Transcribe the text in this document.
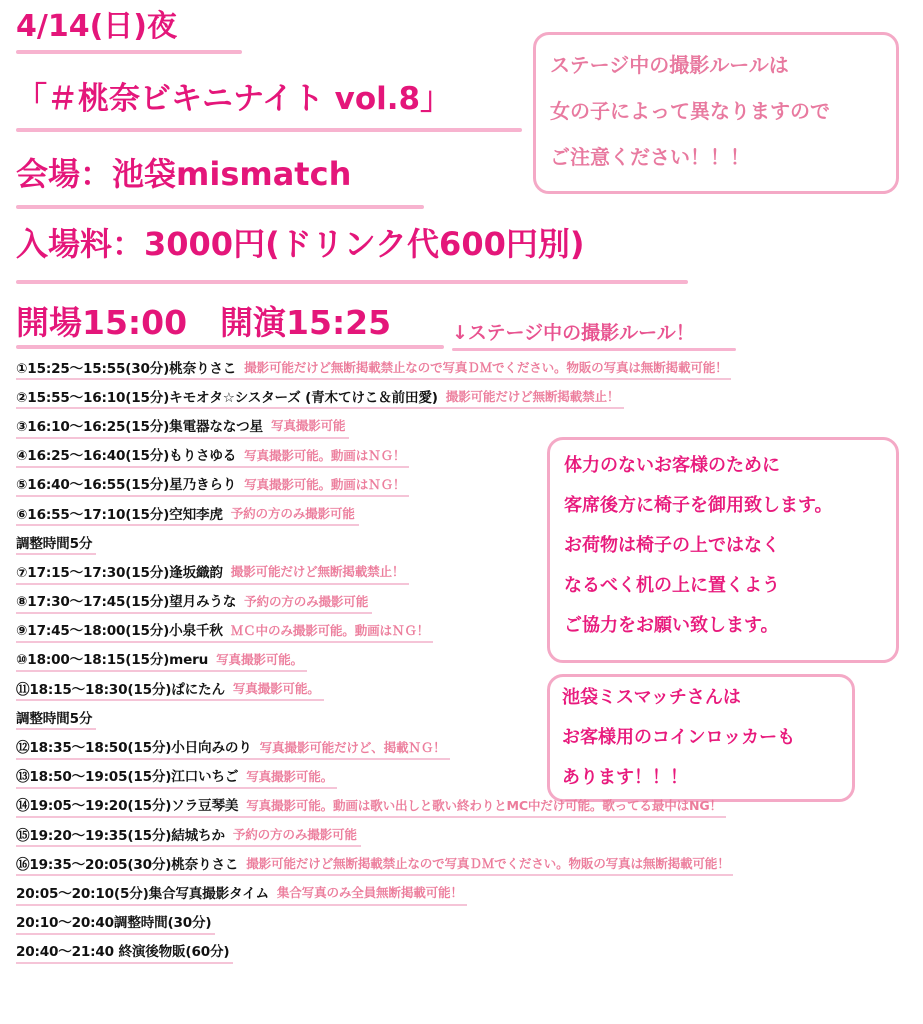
4/14(日)夜
「＃桃奈ビキニナイト vol.8」
会場：池袋mismatch
入場料：3000円(ドリンク代600円別)
開場15:00　開演15:25	↓ステージ中の撮影ルール！
ステージ中の撮影ルールは
女の子によって異なりますので
ご注意ください！！！
体力のないお客様のために
客席後方に椅子を御用致します。
お荷物は椅子の上ではなく
なるべく机の上に置くよう
ご協力をお願い致します。
池袋ミスマッチさんは
お客様用のコインロッカーも
あります！！！
①15:25〜15:55(30分)桃奈りさこ 撮影可能だけど無断掲載禁止なので写真ＤＭでください。物販の写真は無断掲載可能！
②15:55〜16:10(15分)キモオタ☆シスターズ (青木てけこ＆前田愛) 撮影可能だけど無断掲載禁止！
③16:10〜16:25(15分)集電器ななつ星 写真撮影可能
④16:25〜16:40(15分)もりさゆる 写真撮影可能。動画はＮＧ！
⑤16:40〜16:55(15分)星乃きらり 写真撮影可能。動画はＮＧ！
⑥16:55〜17:10(15分)空知李虎 予約の方のみ撮影可能
調整時間5分
⑦17:15〜17:30(15分)逢坂織韵 撮影可能だけど無断掲載禁止！
⑧17:30〜17:45(15分)望月みうな 予約の方のみ撮影可能
⑨17:45〜18:00(15分)小泉千秋 ＭＣ中のみ撮影可能。動画はＮＧ！
⑩18:00〜18:15(15分)meru 写真撮影可能。
⑪18:15〜18:30(15分)ぱにたん 写真撮影可能。
調整時間5分
⑫18:35〜18:50(15分)小日向みのり 写真撮影可能だけど、掲載ＮＧ！
⑬18:50〜19:05(15分)江口いちご 写真撮影可能。
⑭19:05〜19:20(15分)ソラ豆琴美 写真撮影可能。動画は歌い出しと歌い終わりとMC中だけ可能。歌ってる最中はNG！
⑮19:20〜19:35(15分)結城ちか 予約の方のみ撮影可能
⑯19:35〜20:05(30分)桃奈りさこ 撮影可能だけど無断掲載禁止なので写真ＤＭでください。物販の写真は無断掲載可能！
20:05〜20:10(5分)集合写真撮影タイム 集合写真のみ全員無断掲載可能！
20:10〜20:40調整時間(30分)
20:40〜21:40 終演後物販(60分)
